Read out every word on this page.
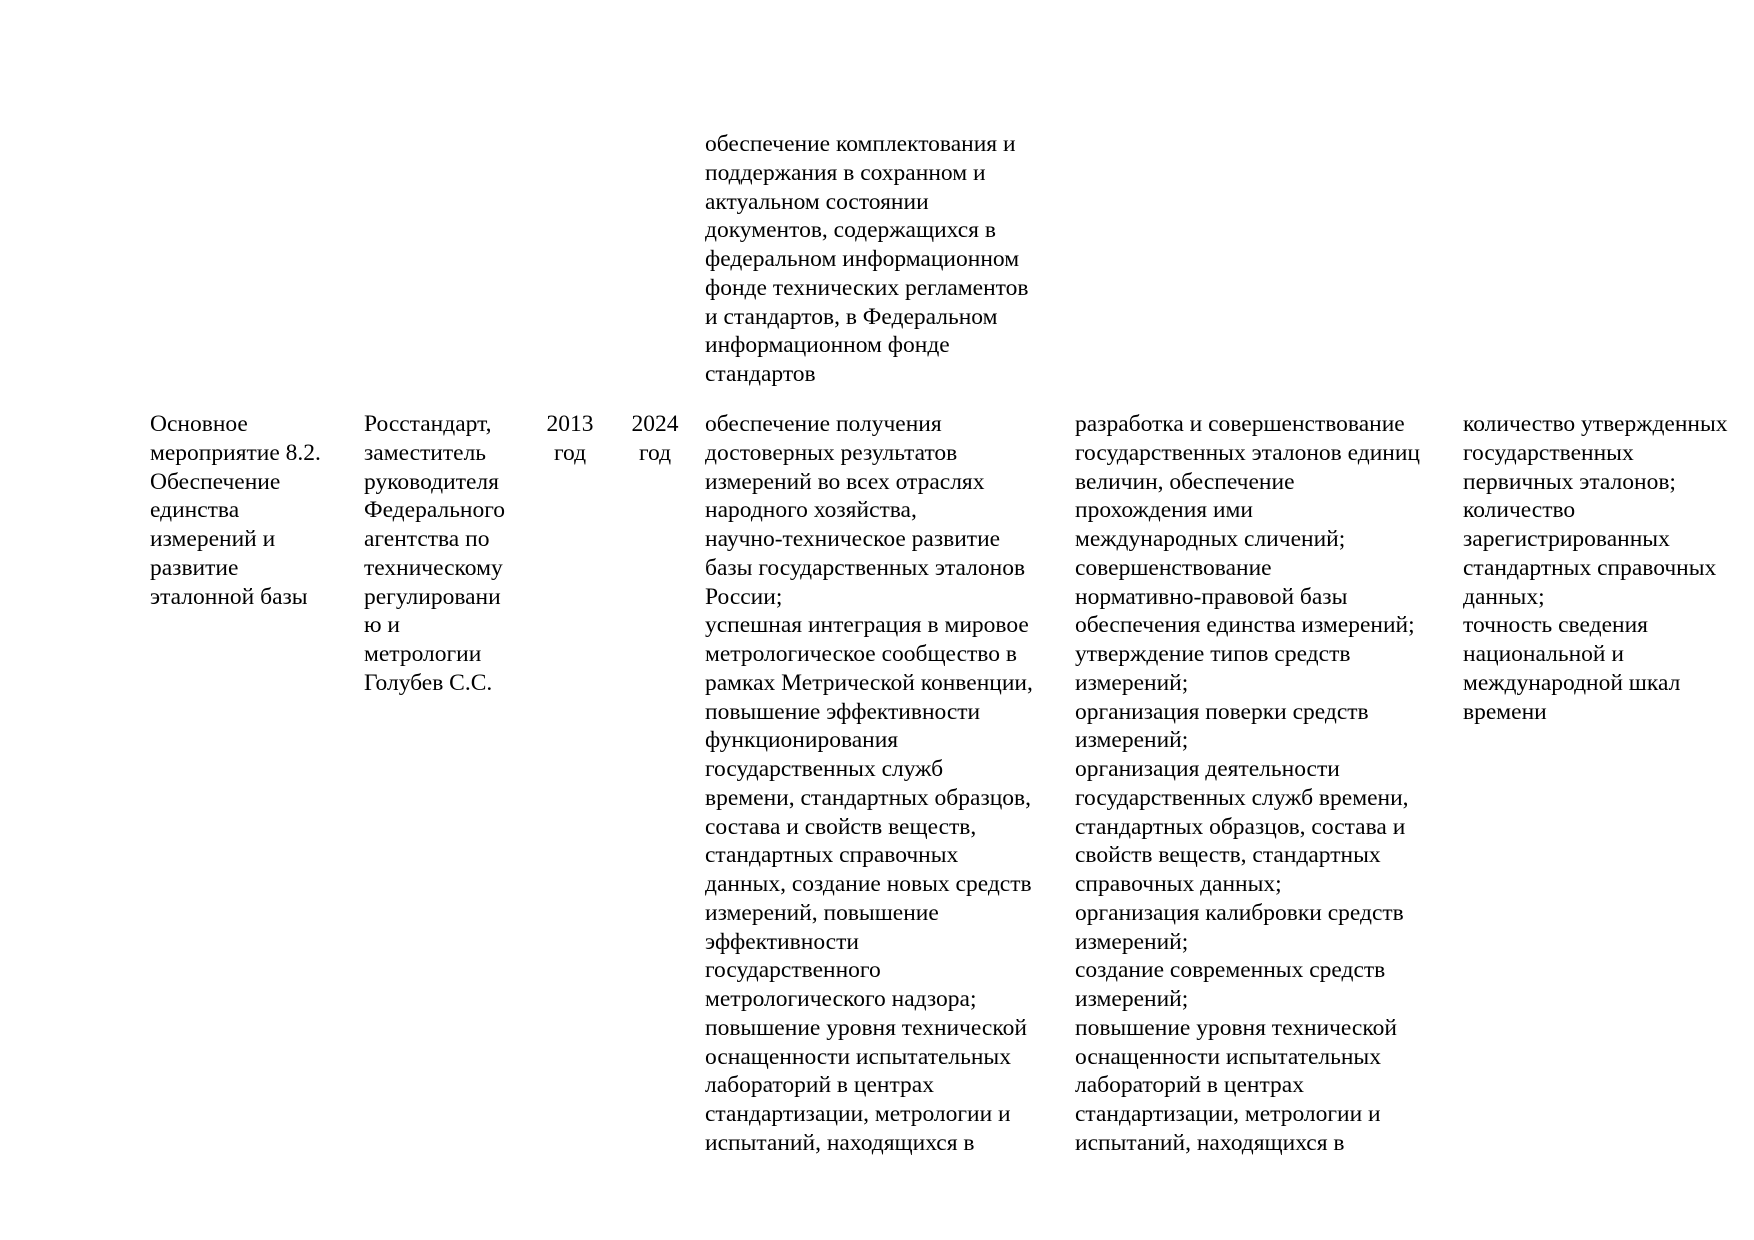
обеспечение комплектования и
поддержания в сохранном и
актуальном состоянии
документов, содержащихся в
федеральном информационном
фонде технических регламентов
и стандартов, в Федеральном
информационном фонде
стандартов
Основное
мероприятие 8.2.
Обеспечение
единства
измерений и
развитие
эталонной базы
Росстандарт,
заместитель
руководителя
Федерального
агентства по
техническому
регулировани
ю и
метрологии
Голубев С.С.
2013
год
2024
год
обеспечение получения
достоверных результатов
измерений во всех отраслях
народного хозяйства,
научно-техническое развитие
базы государственных эталонов
России;
успешная интеграция в мировое
метрологическое сообщество в
рамках Метрической конвенции,
повышение эффективности
функционирования
государственных служб
времени, стандартных образцов,
состава и свойств веществ,
стандартных справочных
данных, создание новых средств
измерений, повышение
эффективности
государственного
метрологического надзора;
повышение уровня технической
оснащенности испытательных
лабораторий в центрах
стандартизации, метрологии и
испытаний, находящихся в
разработка и совершенствование
государственных эталонов единиц
величин, обеспечение
прохождения ими
международных сличений;
совершенствование
нормативно-правовой базы
обеспечения единства измерений;
утверждение типов средств
измерений;
организация поверки средств
измерений;
организация деятельности
государственных служб времени,
стандартных образцов, состава и
свойств веществ, стандартных
справочных данных;
организация калибровки средств
измерений;
создание современных средств
измерений;
повышение уровня технической
оснащенности испытательных
лабораторий в центрах
стандартизации, метрологии и
испытаний, находящихся в
количество утвержденных
государственных
первичных эталонов;
количество
зарегистрированных
стандартных справочных
данных;
точность сведения
национальной и
международной шкал
времени
